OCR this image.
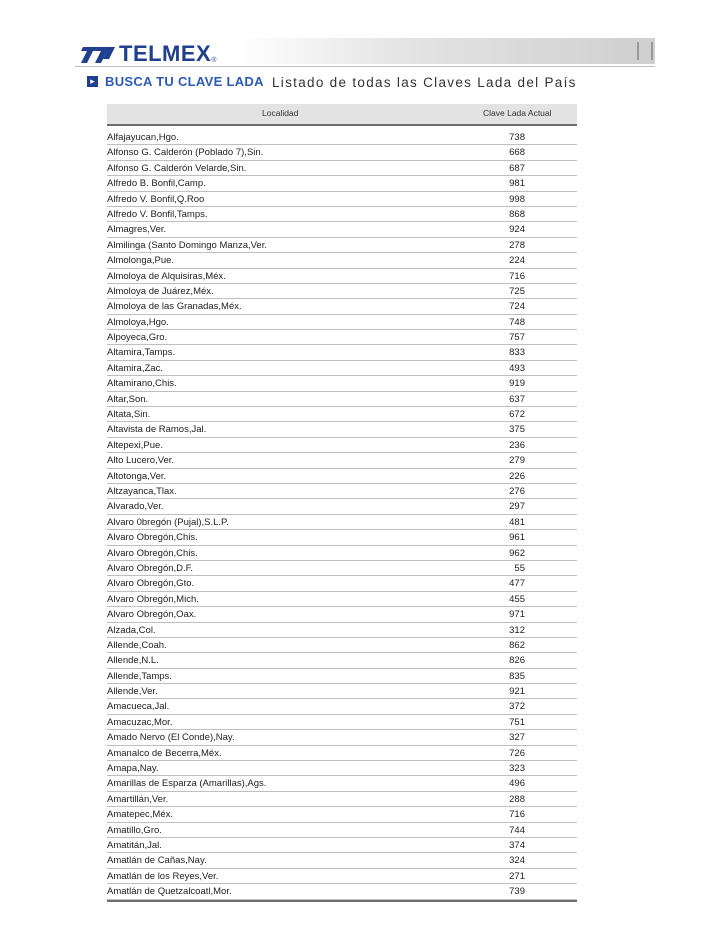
TELMEX ®
▸ BUSCA TU CLAVE LADA Listado de todas las Claves Lada del País
Localidad	Clave Lada Actual
Alfajayucan,Hgo.	738
Alfonso G. Calderón (Poblado 7),Sin.	668
Alfonso G. Calderón Velarde,Sin.	687
Alfredo B. Bonfil,Camp.	981
Alfredo V. Bonfil,Q.Roo	998
Alfredo V. Bonfil,Tamps.	868
Almagres,Ver.	924
Almilinga (Santo Domingo Manza,Ver.	278
Almolonga,Pue.	224
Almoloya de Alquisiras,Méx.	716
Almoloya de Juárez,Méx.	725
Almoloya de las Granadas,Méx.	724
Almoloya,Hgo.	748
Alpoyeca,Gro.	757
Altamira,Tamps.	833
Altamira,Zac.	493
Altamirano,Chis.	919
Altar,Son.	637
Altata,Sin.	672
Altavista de Ramos,Jal.	375
Altepexi,Pue.	236
Alto Lucero,Ver.	279
Altotonga,Ver.	226
Altzayanca,Tlax.	276
Alvarado,Ver.	297
Alvaro 0bregón (Pujal),S.L.P.	481
Alvaro Obregón,Chis.	961
Alvaro Obregón,Chis.	962
Alvaro Obregón,D.F.	55
Alvaro Obregón,Gto.	477
Alvaro Obregón,Mich.	455
Alvaro Obregón,Oax.	971
Alzada,Col.	312
Allende,Coah.	862
Allende,N.L.	826
Allende,Tamps.	835
Allende,Ver.	921
Amacueca,Jal.	372
Amacuzac,Mor.	751
Amado Nervo (El Conde),Nay.	327
Amanalco de Becerra,Méx.	726
Amapa,Nay.	323
Amarillas de Esparza (Amarillas),Ags.	496
Amartillán,Ver.	288
Amatepec,Méx.	716
Amatillo,Gro.	744
Amatitán,Jal.	374
Amatlán de Cañas,Nay.	324
Amatlán de los Reyes,Ver.	271
Amatlán de Quetzalcoatl,Mor.	739
